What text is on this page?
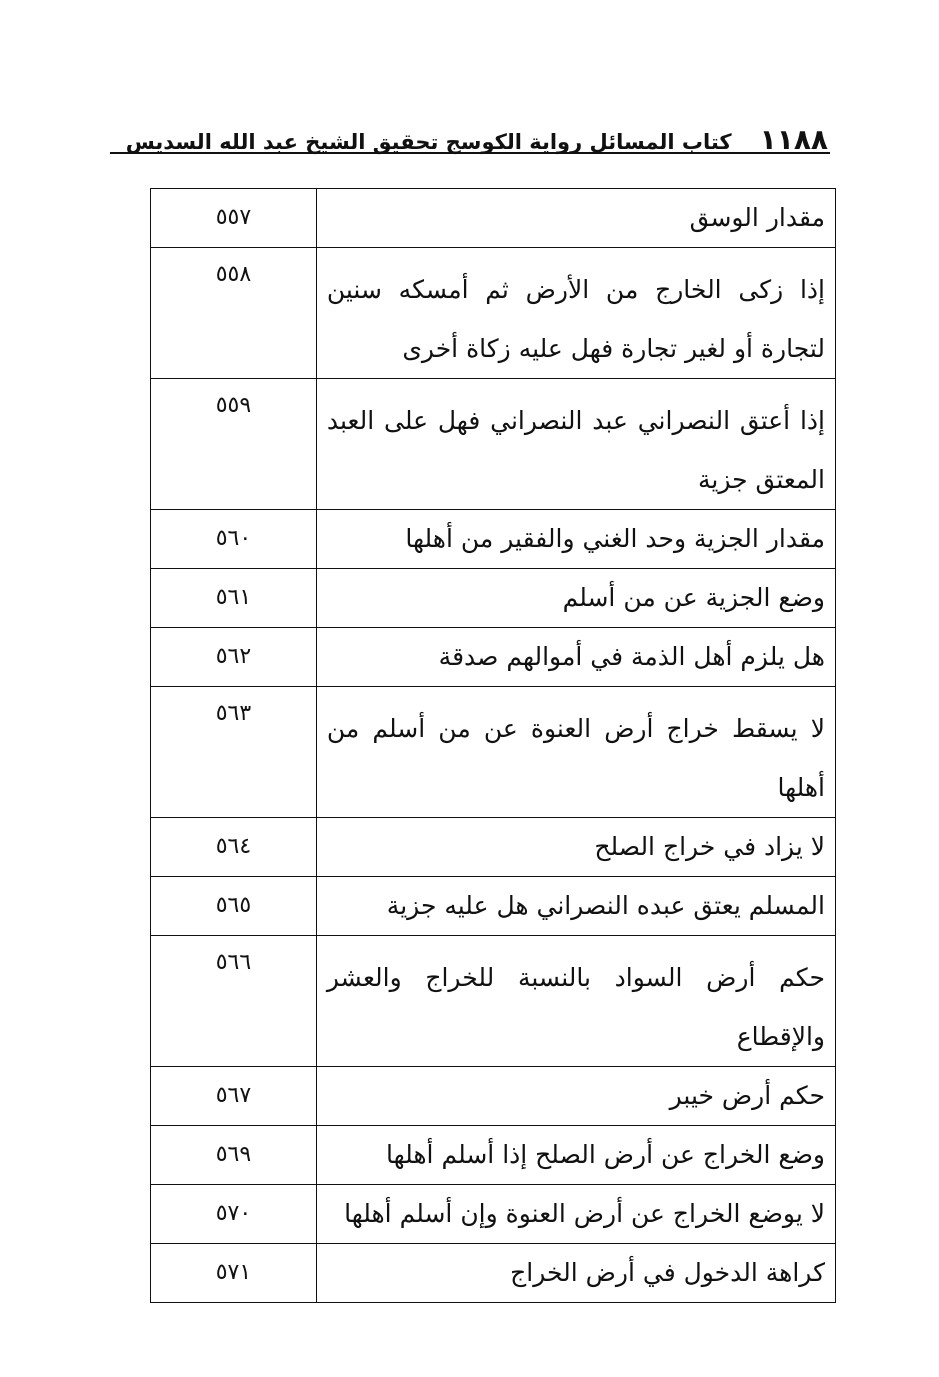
١١٨٨
كتاب المسائل رواية الكوسج تحقيق الشيخ عبد الله السديس
مقدار الوسق	٥٥٧
إذا زكى الخارج من الأرض ثم أمسكه سنين لتجارة أو لغير تجارة فهل عليه زكاة أخرى	٥٥٨
إذا أعتق النصراني عبد النصراني فهل على العبد المعتق جزية	٥٥٩
مقدار الجزية وحد الغني والفقير من أهلها	٥٦٠
وضع الجزية عن من أسلم	٥٦١
هل يلزم أهل الذمة في أموالهم صدقة	٥٦٢
لا يسقط خراج أرض العنوة عن من أسلم من أهلها	٥٦٣
لا يزاد في خراج الصلح	٥٦٤
المسلم يعتق عبده النصراني هل عليه جزية	٥٦٥
حكم أرض السواد بالنسبة للخراج والعشر والإقطاع	٥٦٦
حكم أرض خيبر	٥٦٧
وضع الخراج عن أرض الصلح إذا أسلم أهلها	٥٦٩
لا يوضع الخراج عن أرض العنوة وإن أسلم أهلها	٥٧٠
كراهة الدخول في أرض الخراج	٥٧١
